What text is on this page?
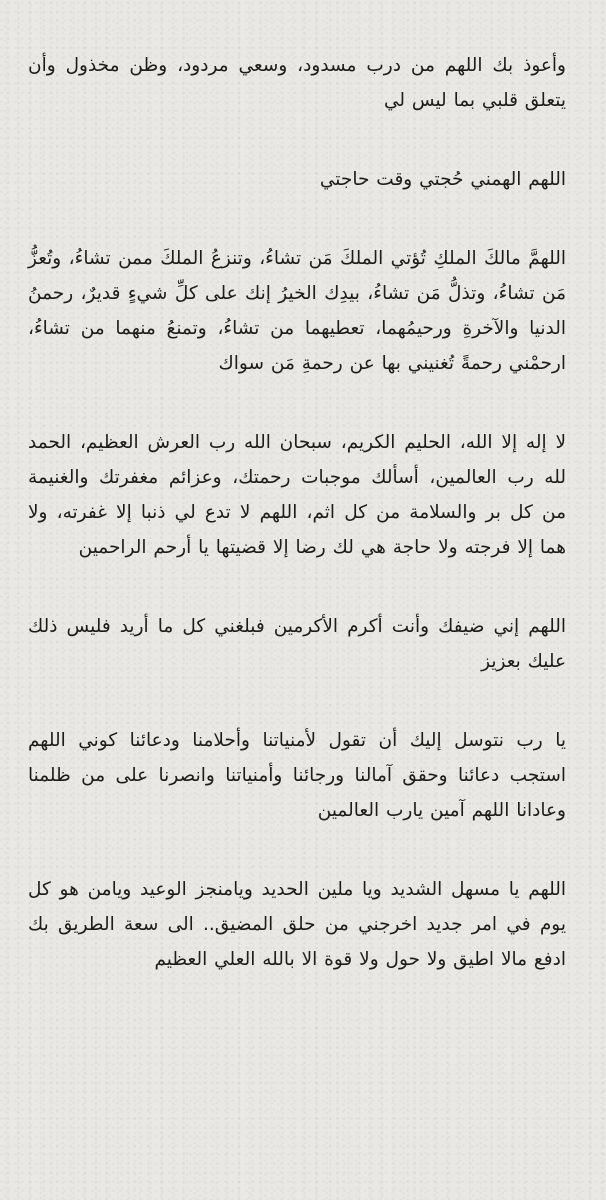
وأعوذ بك اللهم من درب مسدود، وسعي مردود، وظن مخذول وأن يتعلق قلبي بما ليس لي

اللهم الهمني حُجتي وقت حاجتي

اللهمَّ مالكَ الملكِ تُؤتي الملكَ مَن تشاءُ، وتنزعُ الملكَ ممن تشاءُ، وتُعزُّ مَن تشاءُ، وتذلُّ مَن تشاءُ، بيدِك الخيرُ إنك على كلِّ شيءٍ قديرٌ، رحمنُ الدنيا والآخرةِ ورحيمُهما، تعطيهما من تشاءُ، وتمنعُ منهما من تشاءُ، ارحمْني رحمةً تُغنيني بها عن رحمةِ مَن سواك

لا إله إلا الله، الحليم الكريم، سبحان الله رب العرش العظيم، الحمد لله رب العالمين، أسألك موجبات رحمتك، وعزائم مغفرتك والغنيمة من كل بر والسلامة من كل اثم، اللهم لا تدع لي ذنبا إلا غفرته، ولا هما إلا فرجته ولا حاجة هي لك رضا إلا قضيتها يا أرحم الراحمين

اللهم إني ضيفك وأنت أكرم الأكرمين فبلغني كل ما أريد فليس ذلك عليك بعزيز

يا رب نتوسل إليك أن تقول لأمنياتنا وأحلامنا ودعائنا كوني اللهم استجب دعائنا وحقق آمالنا ورجائنا وأمنياتنا وانصرنا على من ظلمنا وعادانا اللهم آمين يارب العالمين

اللهم يا مسهل الشديد ويا ملين الحديد ويامنجز الوعيد ويامن هو كل يوم في امر جديد اخرجني من حلق المضيق.. الى سعة الطريق بك ادفع مالا اطيق ولا حول ولا قوة الا بالله العلي العظيم
